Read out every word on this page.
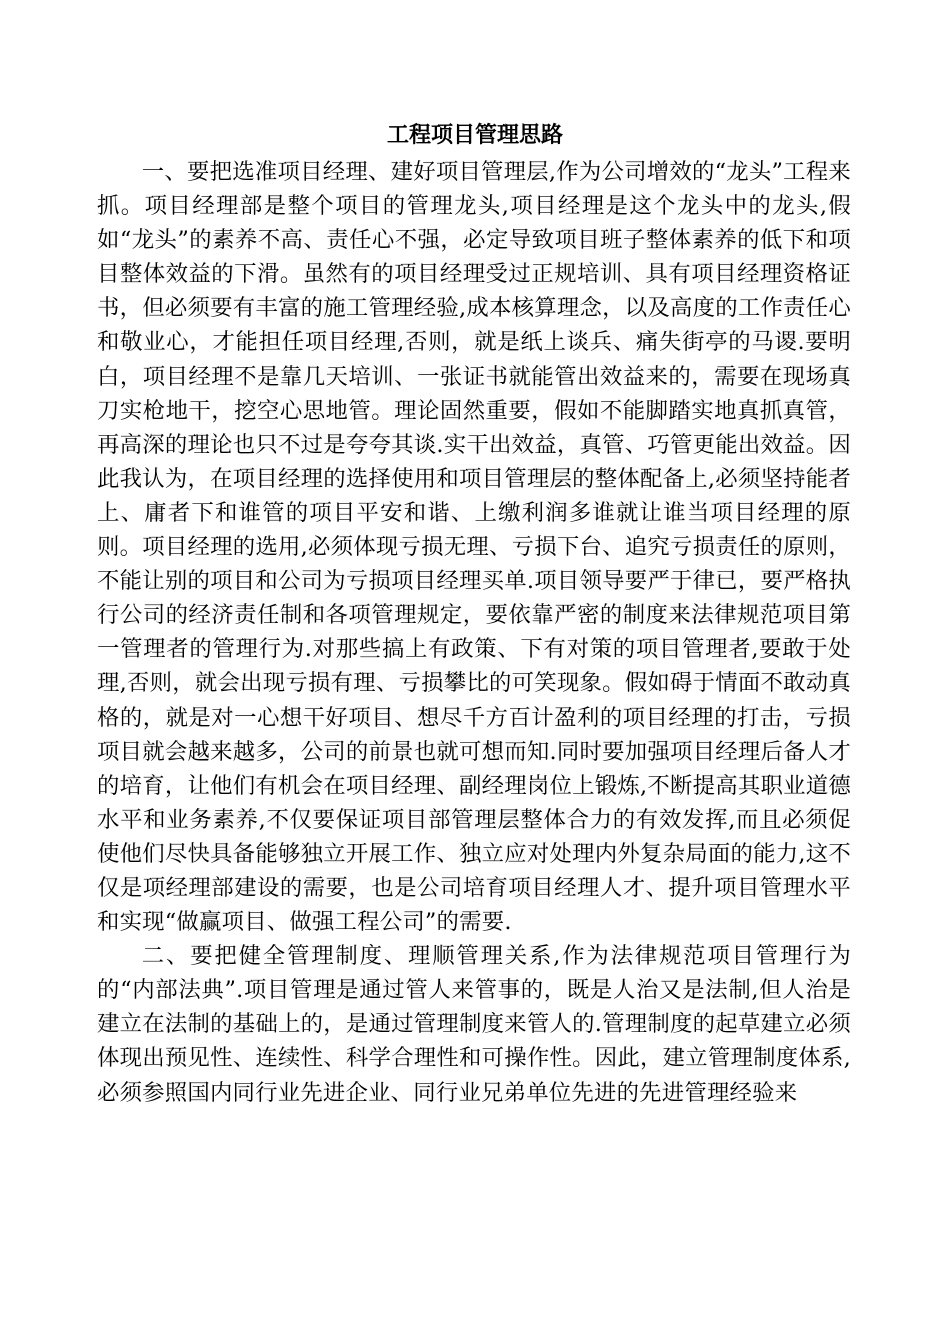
工程项目管理思路

一、要把选准项目经理、建好项目管理层,作为公司增效的“龙头”工程来抓。项目经理部是整个项目的管理龙头,项目经理是这个龙头中的龙头,假如“龙头”的素养不高、责任心不强，必定导致项目班子整体素养的低下和项目整体效益的下滑。虽然有的项目经理受过正规培训、具有项目经理资格证书，但必须要有丰富的施工管理经验,成本核算理念，以及高度的工作责任心和敬业心，才能担任项目经理,否则，就是纸上谈兵、痛失街亭的马谡.要明白，项目经理不是靠几天培训、一张证书就能管出效益来的，需要在现场真刀实枪地干，挖空心思地管。理论固然重要，假如不能脚踏实地真抓真管，再高深的理论也只不过是夸夸其谈.实干出效益，真管、巧管更能出效益。因此我认为，在项目经理的选择使用和项目管理层的整体配备上,必须坚持能者上、庸者下和谁管的项目平安和谐、上缴利润多谁就让谁当项目经理的原则。项目经理的选用,必须体现亏损无理、亏损下台、追究亏损责任的原则，不能让别的项目和公司为亏损项目经理买单.项目领导要严于律已，要严格执行公司的经济责任制和各项管理规定，要依靠严密的制度来法律规范项目第一管理者的管理行为.对那些搞上有政策、下有对策的项目管理者,要敢于处理,否则，就会出现亏损有理、亏损攀比的可笑现象。假如碍于情面不敢动真格的，就是对一心想干好项目、想尽千方百计盈利的项目经理的打击，亏损项目就会越来越多，公司的前景也就可想而知.同时要加强项目经理后备人才的培育，让他们有机会在项目经理、副经理岗位上锻炼,不断提高其职业道德水平和业务素养,不仅要保证项目部管理层整体合力的有效发挥,而且必须促使他们尽快具备能够独立开展工作、独立应对处理内外复杂局面的能力,这不仅是项经理部建设的需要，也是公司培育项目经理人才、提升项目管理水平和实现“做赢项目、做强工程公司”的需要.

二、要把健全管理制度、理顺管理关系,作为法律规范项目管理行为的“内部法典”.项目管理是通过管人来管事的，既是人治又是法制,但人治是建立在法制的基础上的，是通过管理制度来管人的.管理制度的起草建立必须体现出预见性、连续性、科学合理性和可操作性。因此，建立管理制度体系,必须参照国内同行业先进企业、同行业兄弟单位先进的先进管理经验来
